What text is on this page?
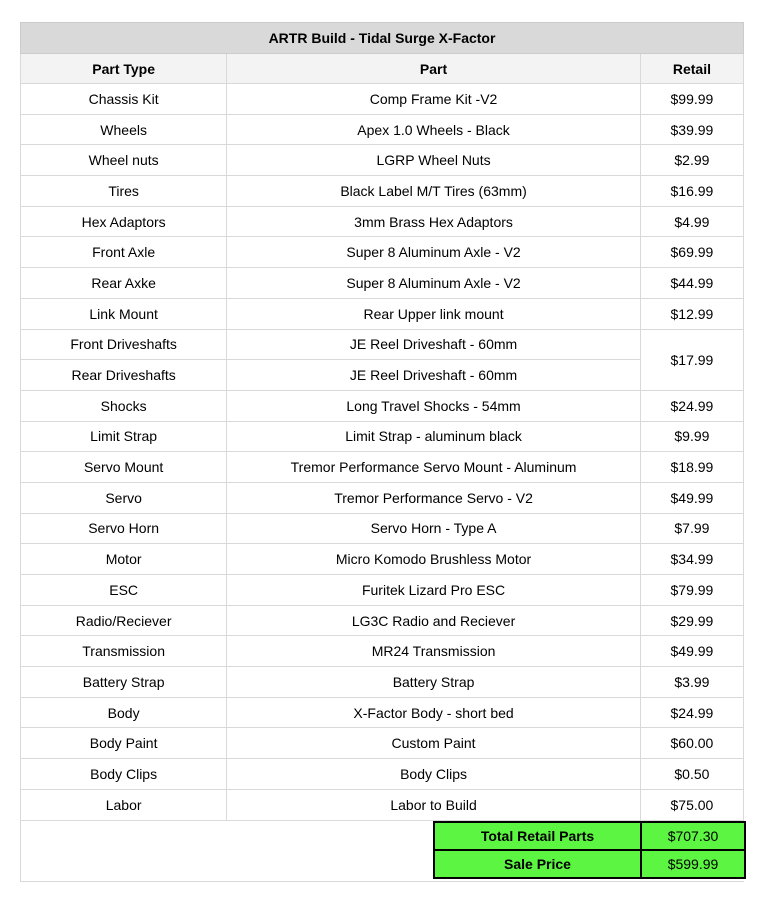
ARTR Build - Tidal Surge X-Factor		
Part Type	Part	Retail
Chassis Kit	Comp Frame Kit -V2	$99.99
Wheels	Apex 1.0 Wheels - Black	$39.99
Wheel nuts	LGRP Wheel Nuts	$2.99
Tires	Black Label M/T Tires (63mm)	$16.99
Hex Adaptors	3mm Brass Hex Adaptors	$4.99
Front Axle	Super 8 Aluminum Axle - V2	$69.99
Rear Axke	Super 8 Aluminum Axle - V2	$44.99
Link Mount	Rear Upper link mount	$12.99
Front Driveshafts	JE Reel Driveshaft - 60mm	$17.99
Rear Driveshafts	JE Reel Driveshaft - 60mm	
Shocks	Long Travel Shocks - 54mm	$24.99
Limit Strap	Limit Strap - aluminum black	$9.99
Servo Mount	Tremor Performance Servo Mount - Aluminum	$18.99
Servo	Tremor Performance Servo - V2	$49.99
Servo Horn	Servo Horn - Type A	$7.99
Motor	Micro Komodo Brushless Motor	$34.99
ESC	Furitek Lizard Pro ESC	$79.99
Radio/Reciever	LG3C Radio and Reciever	$29.99
Transmission	MR24 Transmission	$49.99
Battery Strap	Battery Strap	$3.99
Body	X-Factor Body - short bed	$24.99
Body Paint	Custom Paint	$60.00
Body Clips	Body Clips	$0.50
Labor	Labor to Build	$75.00
Total Retail Parts	$707.30
Sale Price	$599.99
